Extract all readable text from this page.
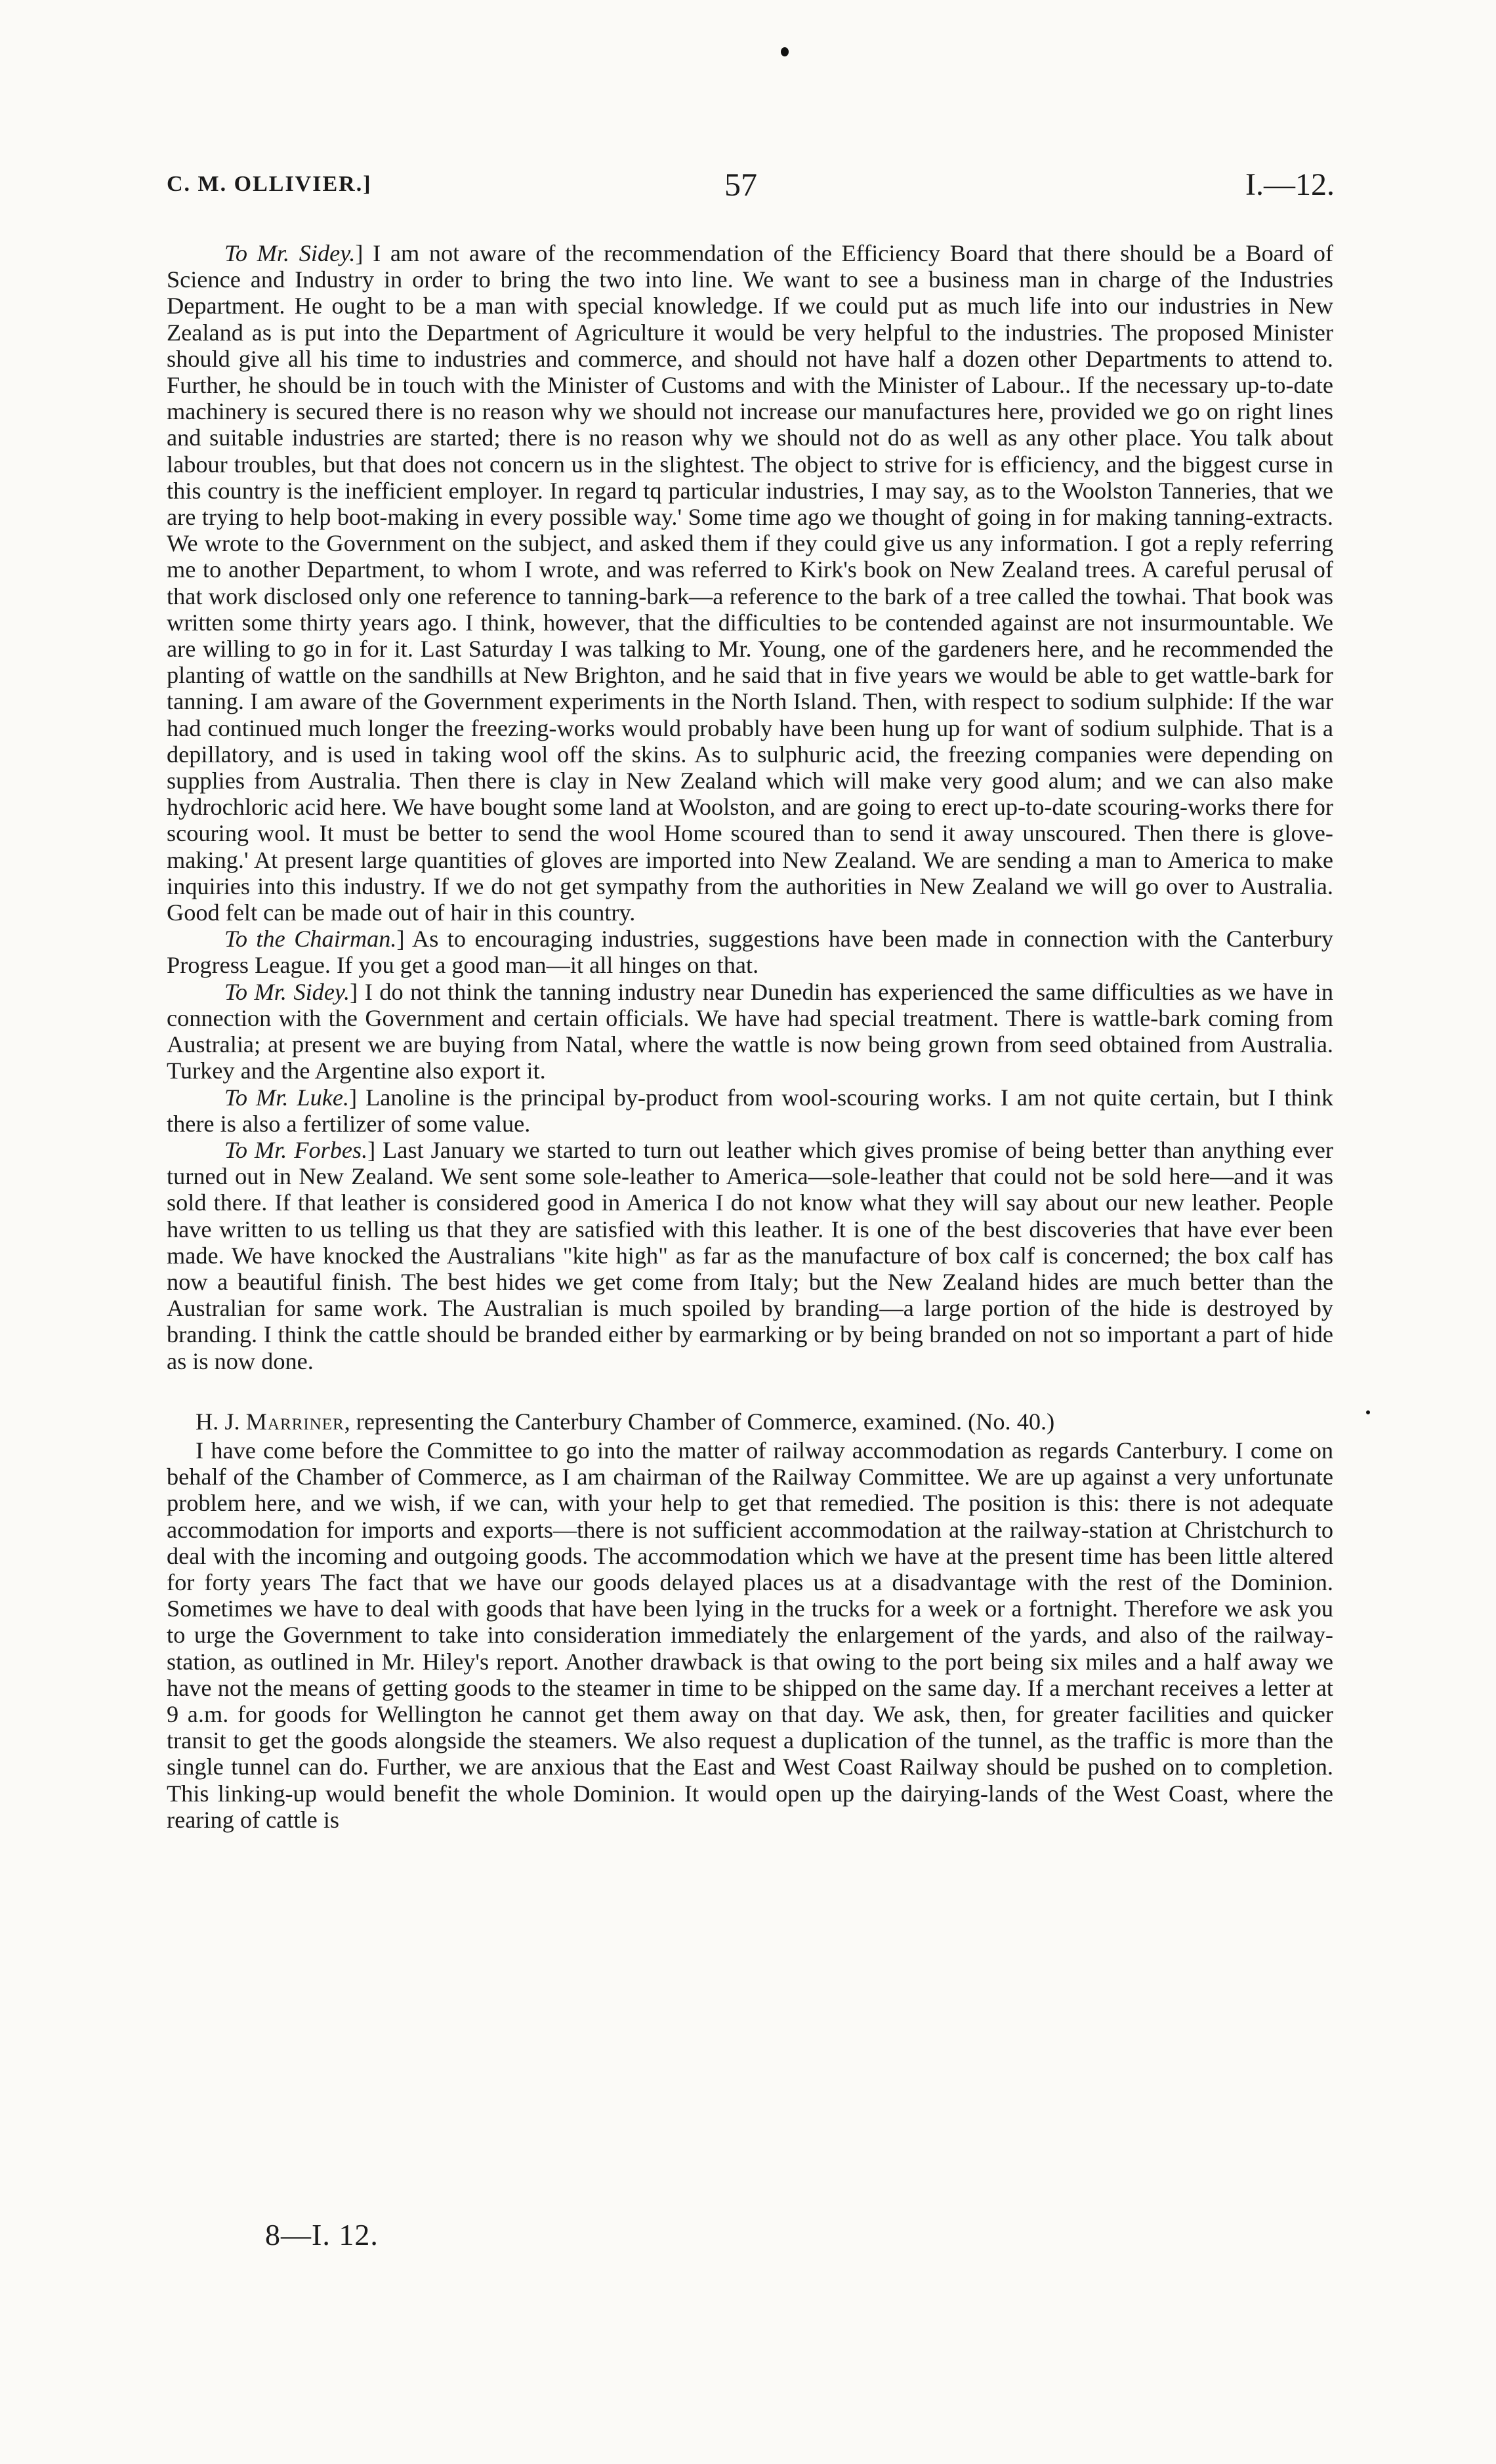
C. M. OLLIVIER.]	57	I.—12.

To Mr. Sidey.] I am not aware of the recommendation of the Efficiency Board that there should be a Board of Science and Industry in order to bring the two into line. We want to see a business man in charge of the Industries Department. He ought to be a man with special knowledge. If we could put as much life into our industries in New Zealand as is put into the Department of Agriculture it would be very helpful to the industries. The proposed Minister should give all his time to industries and commerce, and should not have half a dozen other Departments to attend to. Further, he should be in touch with the Minister of Customs and with the Minister of Labour.. If the necessary up-to-date machinery is secured there is no reason why we should not increase our manufactures here, provided we go on right lines and suitable industries are started; there is no reason why we should not do as well as any other place. You talk about labour troubles, but that does not concern us in the slightest. The object to strive for is efficiency, and the biggest curse in this country is the inefficient employer. In regard tq particular industries, I may say, as to the Woolston Tanneries, that we are trying to help boot-making in every possible way.' Some time ago we thought of going in for making tanning-extracts. We wrote to the Government on the subject, and asked them if they could give us any information. I got a reply referring me to another Department, to whom I wrote, and was referred to Kirk's book on New Zealand trees. A careful perusal of that work disclosed only one reference to tanning-bark—a reference to the bark of a tree called the towhai. That book was written some thirty years ago. I think, however, that the difficulties to be contended against are not insurmountable. We are willing to go in for it. Last Saturday I was talking to Mr. Young, one of the gardeners here, and he recommended the planting of wattle on the sandhills at New Brighton, and he said that in five years we would be able to get wattle-bark for tanning. I am aware of the Government experiments in the North Island. Then, with respect to sodium sulphide: If the war had continued much longer the freezing-works would probably have been hung up for want of sodium sulphide. That is a depillatory, and is used in taking wool off the skins. As to sulphuric acid, the freezing companies were depending on supplies from Australia. Then there is clay in New Zealand which will make very good alum; and we can also make hydrochloric acid here. We have bought some land at Woolston, and are going to erect up-to-date scouring-works there for scouring wool. It must be better to send the wool Home scoured than to send it away unscoured. Then there is glove-making.' At present large quantities of gloves are imported into New Zealand. We are sending a man to America to make inquiries into this industry. If we do not get sympathy from the authorities in New Zealand we will go over to Australia. Good felt can be made out of hair in this country.

To the Chairman.] As to encouraging industries, suggestions have been made in connection with the Canterbury Progress League. If you get a good man—it all hinges on that.

To Mr. Sidey.] I do not think the tanning industry near Dunedin has experienced the same difficulties as we have in connection with the Government and certain officials. We have had special treatment. There is wattle-bark coming from Australia; at present we are buying from Natal, where the wattle is now being grown from seed obtained from Australia. Turkey and the Argentine also export it.

To Mr. Luke.] Lanoline is the principal by-product from wool-scouring works. I am not quite certain, but I think there is also a fertilizer of some value.

To Mr. Forbes.] Last January we started to turn out leather which gives promise of being better than anything ever turned out in New Zealand. We sent some sole-leather to America—sole-leather that could not be sold here—and it was sold there. If that leather is considered good in America I do not know what they will say about our new leather. People have written to us telling us that they are satisfied with this leather. It is one of the best discoveries that have ever been made. We have knocked the Australians "kite high" as far as the manufacture of box calf is concerned; the box calf has now a beautiful finish. The best hides we get come from Italy; but the New Zealand hides are much better than the Australian for same work. The Australian is much spoiled by branding—a large portion of the hide is destroyed by branding. I think the cattle should be branded either by earmarking or by being branded on not so important a part of hide as is now done.

H. J. Marriner, representing the Canterbury Chamber of Commerce, examined. (No. 40.)

I have come before the Committee to go into the matter of railway accommodation as regards Canterbury. I come on behalf of the Chamber of Commerce, as I am chairman of the Railway Committee. We are up against a very unfortunate problem here, and we wish, if we can, with your help to get that remedied. The position is this: there is not adequate accommodation for imports and exports—there is not sufficient accommodation at the railway-station at Christchurch to deal with the incoming and outgoing goods. The accommodation which we have at the present time has been little altered for forty years The fact that we have our goods delayed places us at a disadvantage with the rest of the Dominion. Sometimes we have to deal with goods that have been lying in the trucks for a week or a fortnight. Therefore we ask you to urge the Government to take into consideration immediately the enlargement of the yards, and also of the railway-station, as outlined in Mr. Hiley's report. Another drawback is that owing to the port being six miles and a half away we have not the means of getting goods to the steamer in time to be shipped on the same day. If a merchant receives a letter at 9 a.m. for goods for Wellington he cannot get them away on that day. We ask, then, for greater facilities and quicker transit to get the goods alongside the steamers. We also request a duplication of the tunnel, as the traffic is more than the single tunnel can do. Further, we are anxious that the East and West Coast Railway should be pushed on to completion. This linking-up would benefit the whole Dominion. It would open up the dairying-lands of the West Coast, where the rearing of cattle is

8—I. 12.
